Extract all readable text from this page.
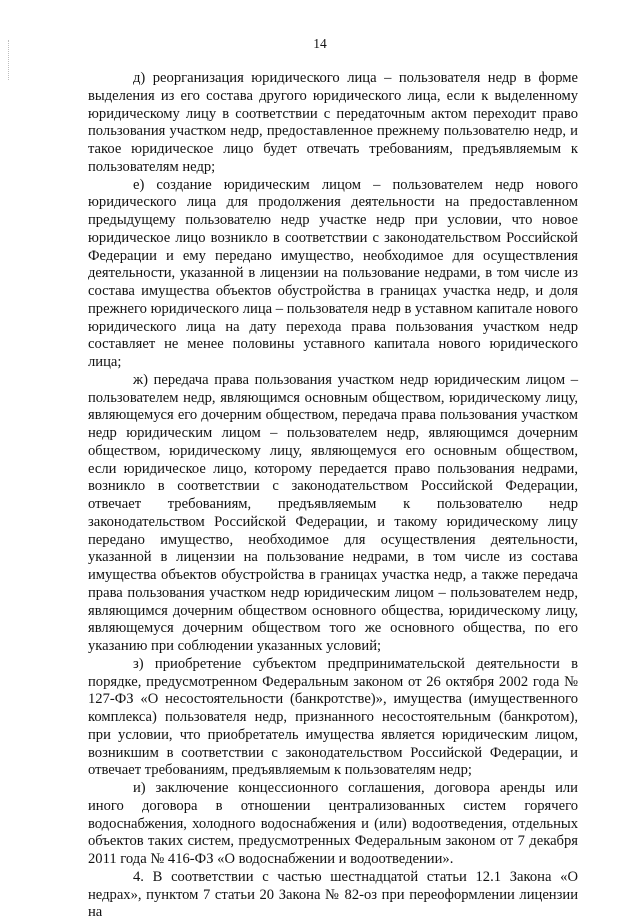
14

д) реорганизация юридического лица – пользователя недр в форме выделения из его состава другого юридического лица, если к выделенному юридическому лицу в соответствии с передаточным актом переходит право пользования участком недр, предоставленное прежнему пользователю недр, и такое юридическое лицо будет отвечать требованиям, предъявляемым к пользователям недр;

е) создание юридическим лицом – пользователем недр нового юридического лица для продолжения деятельности на предоставленном предыдущему пользователю недр участке недр при условии, что новое юридическое лицо возникло в соответствии с законодательством Российской Федерации и ему передано имущество, необходимое для осуществления деятельности, указанной в лицензии на пользование недрами, в том числе из состава имущества объектов обустройства в границах участка недр, и доля прежнего юридического лица – пользователя недр в уставном капитале нового юридического лица на дату перехода права пользования участком недр составляет не менее половины уставного капитала нового юридического лица;

ж) передача права пользования участком недр юридическим лицом – пользователем недр, являющимся основным обществом, юридическому лицу, являющемуся его дочерним обществом, передача права пользования участком недр юридическим лицом – пользователем недр, являющимся дочерним обществом, юридическому лицу, являющемуся его основным обществом, если юридическое лицо, которому передается право пользования недрами, возникло в соответствии с законодательством Российской Федерации, отвечает требованиям, предъявляемым к пользователю недр законодательством Российской Федерации, и такому юридическому лицу передано имущество, необходимое для осуществления деятельности, указанной в лицензии на пользование недрами, в том числе из состава имущества объектов обустройства в границах участка недр, а также передача права пользования участком недр юридическим лицом – пользователем недр, являющимся дочерним обществом основного общества, юридическому лицу, являющемуся дочерним обществом того же основного общества, по его указанию при соблюдении указанных условий;

з) приобретение субъектом предпринимательской деятельности в порядке, предусмотренном Федеральным законом от 26 октября 2002 года № 127-ФЗ «О несостоятельности (банкротстве)», имущества (имущественного комплекса) пользователя недр, признанного несостоятельным (банкротом), при условии, что приобретатель имущества является юридическим лицом, возникшим в соответствии с законодательством Российской Федерации, и отвечает требованиям, предъявляемым к пользователям недр;

и) заключение концессионного соглашения, договора аренды или иного договора в отношении централизованных систем горячего водоснабжения, холодного водоснабжения и (или) водоотведения, отдельных объектов таких систем, предусмотренных Федеральным законом от 7 декабря 2011 года № 416-ФЗ «О водоснабжении и водоотведении».

4. В соответствии с частью шестнадцатой статьи 12.1 Закона «О недрах», пунктом 7 статьи 20 Закона № 82-оз при переоформлении лицензии на
